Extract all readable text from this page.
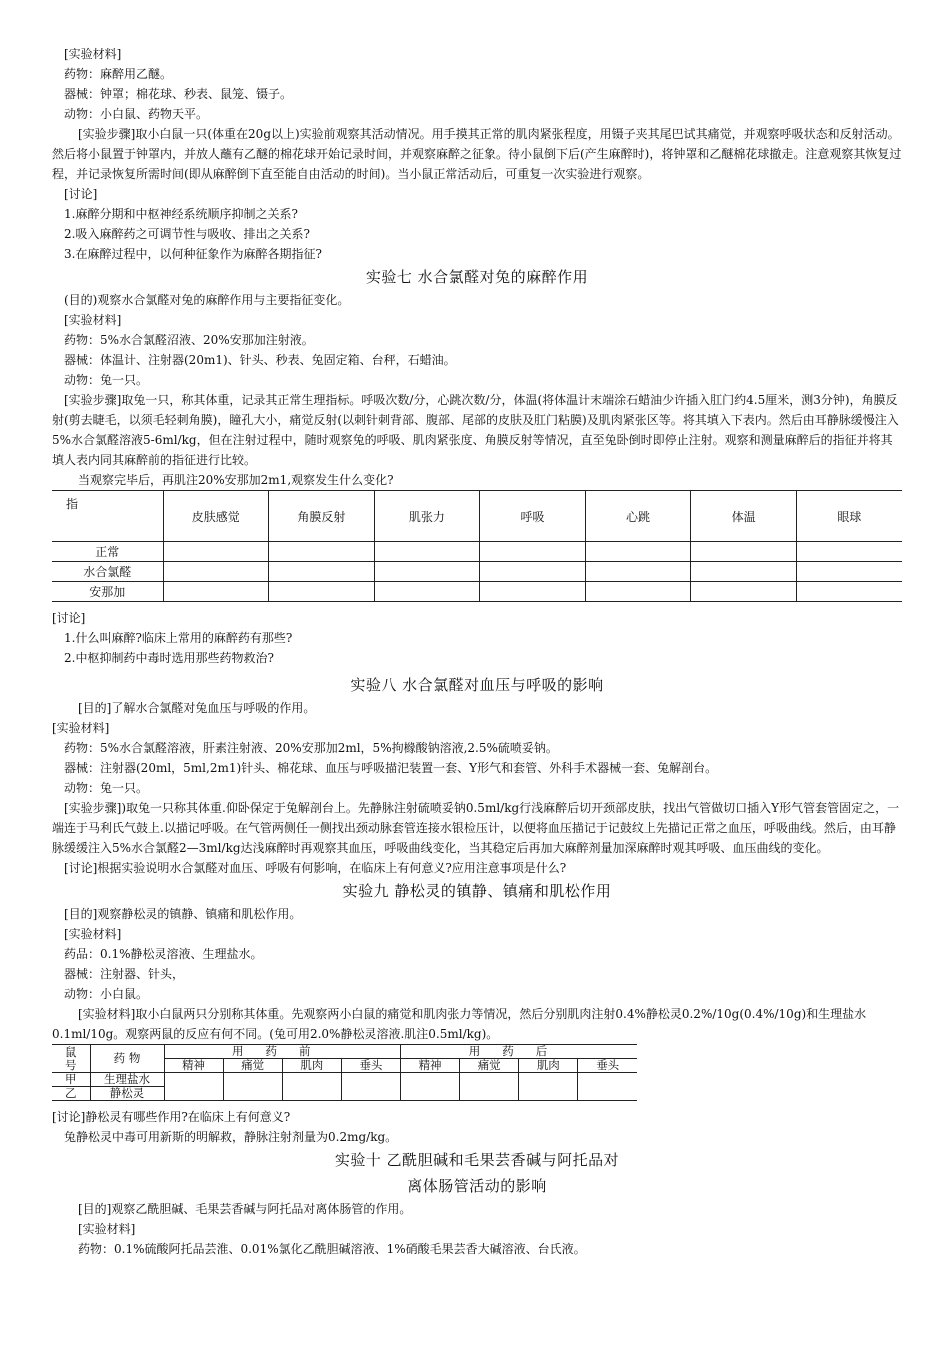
[实验材料]

药物：麻醉用乙醚。

器械：钟罩；棉花球、秒表、鼠笼、镊子。

动物：小白鼠、药物天平。

[实验步骤]取小白鼠一只(体重在20g以上)实验前观察其活动情况。用手摸其正常的肌肉紧张程度，用镊子夹其尾巴试其痛觉，并观察呼吸状态和反射活动。然后将小鼠置于钟罩内，并放人蘸有乙醚的棉花球开始记录时间，并观察麻醉之征象。待小鼠倒下后(产生麻醉时)，将钟罩和乙醚棉花球撤走。注意观察其恢复过程，并记录恢复所需时间(即从麻醉倒下直至能自由活动的时间)。当小鼠正常活动后，可重复一次实验进行观察。

[讨论]

1.麻醉分期和中枢神经系统顺序抑制之关系?

2.吸入麻醉药之可调节性与吸收、排出之关系?

3.在麻醉过程中，以何种征象作为麻醉各期指征?

实验七 水合氯醛对兔的麻醉作用

(目的)观察水合氯醛对兔的麻醉作用与主要指征变化。

[实验材料]

药物：5%水合氯醛沼液、20%安那加注射液。

器械：体温计、注射器(20m1)、针头、秒表、兔固定箱、台秤，石蜡油。

动物：兔一只。

[实验步骤]取兔一只，称其体重，记录其正常生理指标。呼吸次数/分，心跳次数/分，体温(将体温计末端涂石蜡油少许插入肛门约4.5厘米，测3分钟)，角膜反射(剪去睫毛，以须毛轻刺角膜)，瞳孔大小，痛觉反射(以刺针刺背部、腹部、尾部的皮肤及肛门粘膜)及肌肉紧张区等。将其填入下表内。然后由耳静脉缓慢注入5%水合氯醛溶液5-6ml/kg，但在注射过程中，随时观察兔的呼吸、肌肉紧张度、角膜反射等情况，直至兔卧倒时即停止注射。观察和测量麻醉后的指征并将其填人表内同其麻醉前的指征进行比较。

当观察完毕后，再肌注20%安那加2m1,观察发生什么变化?

指	皮肤感觉	角膜反射	肌张力	呼吸	心跳	体温	眼球
正常							
水合氯醛							
安那加							

[讨论]

1.什么叫麻醉?临床上常用的麻醉药有那些?

2.中枢抑制药中毒时选用那些药物救治?

实验八 水合氯醛对血压与呼吸的影响

[目的]了解水合氯醛对兔血压与呼吸的作用。

[实验材料]

药物：5%水合氯醛溶液，肝素注射液、20%安那加2ml，5%拘橼酸钠溶液,2.5%硫喷妥钠。

器械：注射器(20ml，5ml,2m1)针头、棉花球、血压与呼吸描汜装置一套、Y形气和套管、外科手术器械一套、兔解剖台。

动物：兔一只。

[实验步骤])取兔一只称其体重.仰卧保定于兔解剖台上。先静脉注射硫喷妥钠0.5ml/kg行浅麻醉后切开颈部皮肤，找出气管做切口插入Y形气管套管固定之，一端连于马利氏气鼓上.以描记呼吸。在气管两侧任一侧找出颈动脉套管连接水银检压计，以便将血压描记于记鼓纹上先描记正常之血压，呼吸曲线。然后，由耳静脉缓缓注入5%水合氯醛2—3ml/kg达浅麻醉时再观察其血压，呼吸曲线变化，当其稳定后再加大麻醉剂量加深麻醉时观其呼吸、血压曲线的变化。

[讨论]根据实验说明水合氯醛对血压、呼吸有何影响，在临床上有何意义?应用注意事项是什么?

实验九 静松灵的镇静、镇痛和肌松作用

[目的]观察静松灵的镇静、镇痛和肌松作用。

[实验材料]

药品：0.1%静松灵溶液、生理盐水。

器械：注射器、针头，

动物：小白鼠。

[实验材料]取小白鼠两只分别称其体重。先观察两小白鼠的痛觉和肌肉张力等情况，然后分别肌肉注射0.4%静松灵0.2%/10g(0.4%/10g)和生理盐水0.1ml/10g。观察两鼠的反应有何不同。(兔可用2.0%静松灵溶液.肌注0.5ml/kg)。

鼠
号	药 物	用药前				用药后			
		精神	痛觉	肌肉	垂头	精神	痛觉	肌肉	垂头
甲	生理盐水								
乙	静松灵								

[讨论]静松灵有哪些作用?在临床上有何意义?

兔静松灵中毒可用新斯的明解救，静脉注射剂量为0.2mg/kg。

实验十 乙酰胆碱和毛果芸香碱与阿托品对
离体肠管活动的影响

[目的]观察乙酰胆碱、毛果芸香碱与阿托品对离体肠管的作用。

[实验材料]

药物：0.1%硫酸阿托品芸淮、0.01%氯化乙酰胆碱溶液、1%硝酸毛果芸香大碱溶液、台氏液。
